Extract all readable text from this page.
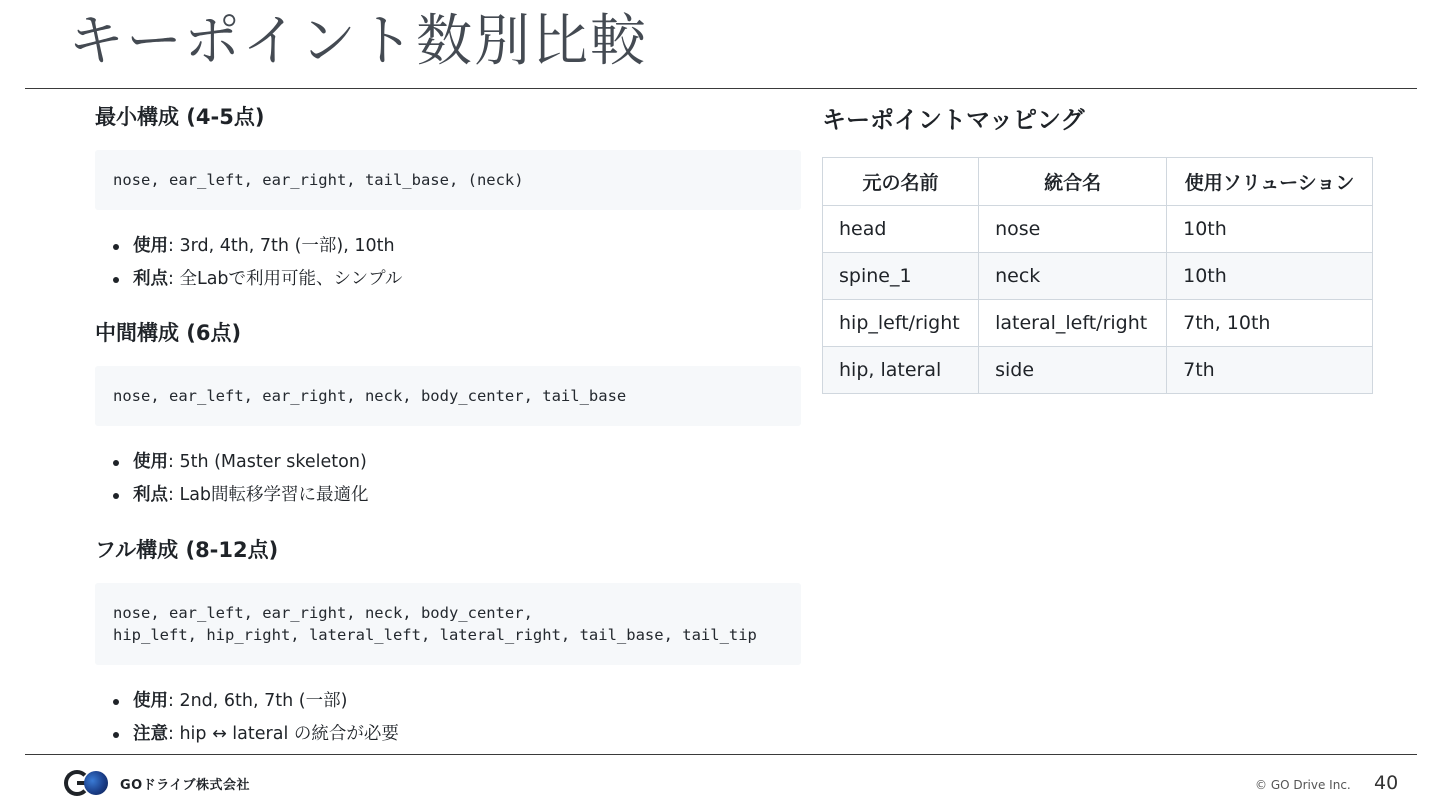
キーポイント数別比較
最小構成 (4-5点)
nose, ear_left, ear_right, tail_base, (neck)
使用: 3rd, 4th, 7th (一部), 10th
利点: 全Labで利用可能、シンプル
中間構成 (6点)
nose, ear_left, ear_right, neck, body_center, tail_base
使用: 5th (Master skeleton)
利点: Lab間転移学習に最適化
フル構成 (8-12点)
nose, ear_left, ear_right, neck, body_center,
hip_left, hip_right, lateral_left, lateral_right, tail_base, tail_tip
使用: 2nd, 6th, 7th (一部)
注意: hip ↔ lateral の統合が必要
キーポイントマッピング
元の名前	統合名	使用ソリューション
head	nose	10th
spine_1	neck	10th
hip_left/right	lateral_left/right	7th, 10th
hip, lateral	side	7th
GOドライブ株式会社	© GO Drive Inc. 40
